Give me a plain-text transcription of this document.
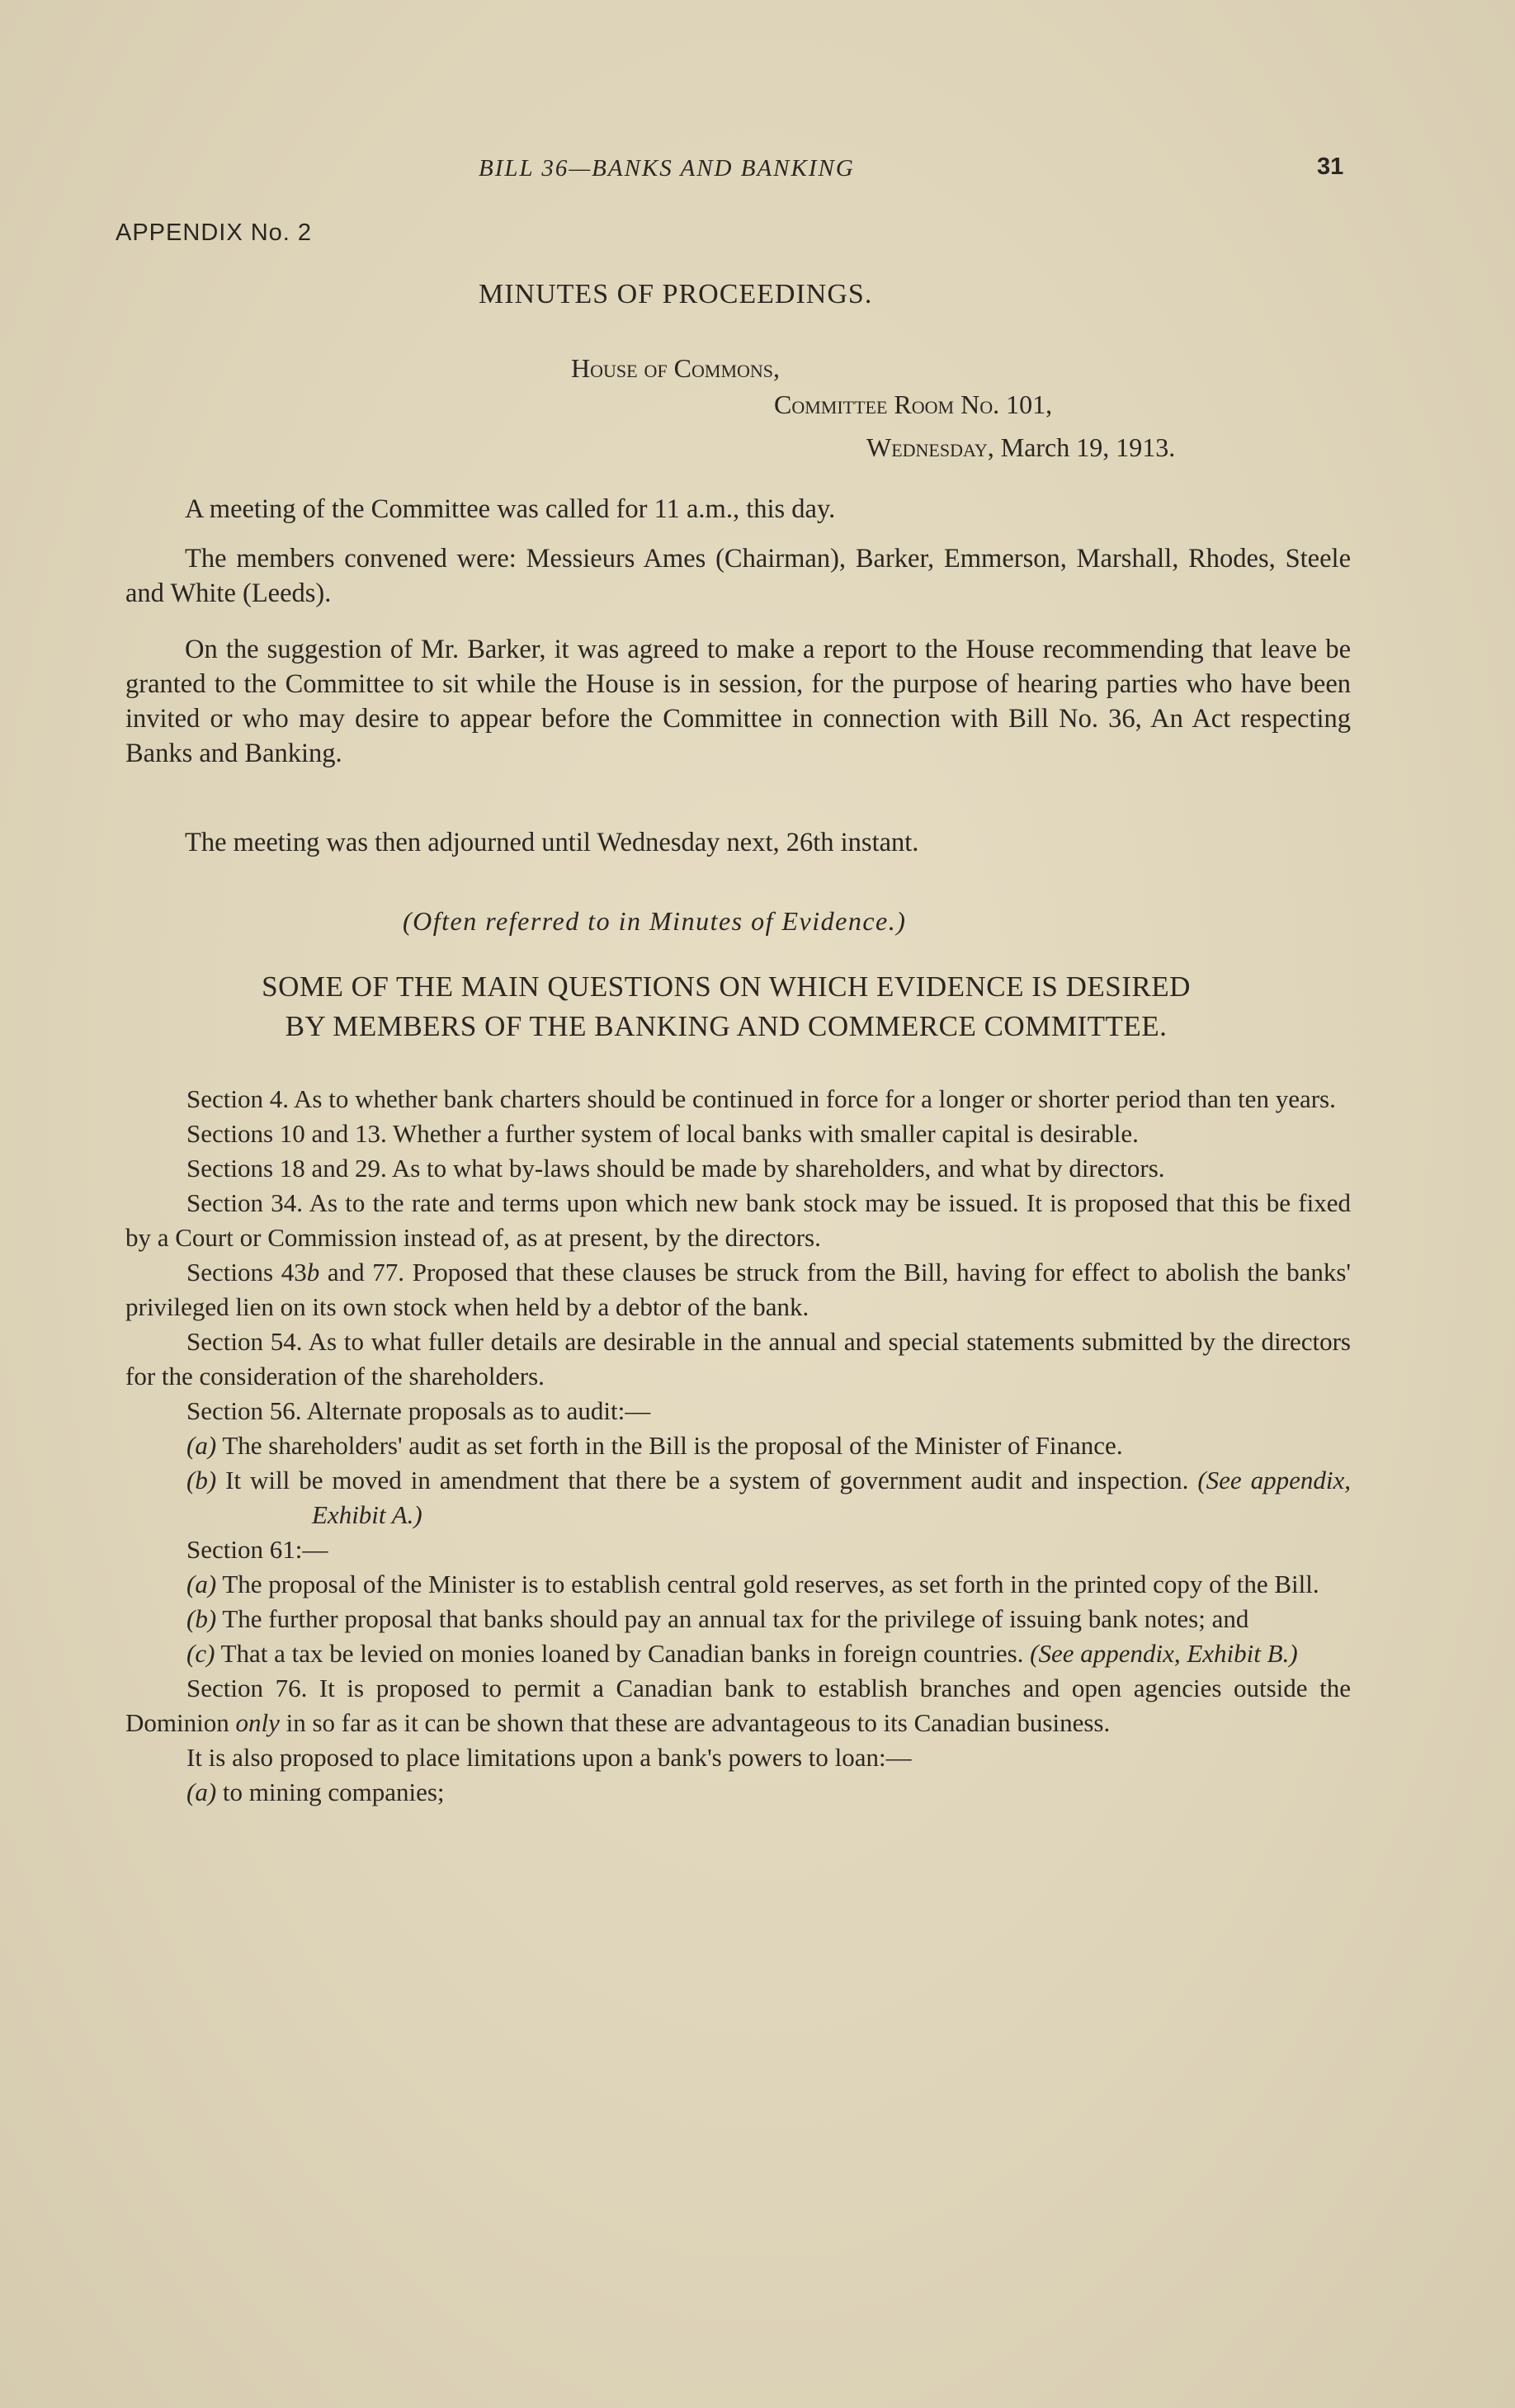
BILL 36—BANKS AND BANKING	31
APPENDIX No. 2
MINUTES OF PROCEEDINGS.
House of Commons,
Committee Room No. 101,
Wednesday, March 19, 1913.
A meeting of the Committee was called for 11 a.m., this day.
The members convened were: Messieurs Ames (Chairman), Barker, Emmerson, Marshall, Rhodes, Steele and White (Leeds).
On the suggestion of Mr. Barker, it was agreed to make a report to the House recommending that leave be granted to the Committee to sit while the House is in session, for the purpose of hearing parties who have been invited or who may desire to appear before the Committee in connection with Bill No. 36, An Act respecting Banks and Banking.
The meeting was then adjourned until Wednesday next, 26th instant.
(Often referred to in Minutes of Evidence.)
SOME OF THE MAIN QUESTIONS ON WHICH EVIDENCE IS DESIRED
BY MEMBERS OF THE BANKING AND COMMERCE COMMITTEE.

Section 4. As to whether bank charters should be continued in force for a longer or shorter period than ten years.

Sections 10 and 13. Whether a further system of local banks with smaller capital is desirable.

Sections 18 and 29. As to what by-laws should be made by shareholders, and what by directors.

Section 34. As to the rate and terms upon which new bank stock may be issued. It is proposed that this be fixed by a Court or Commission instead of, as at present, by the directors.

Sections 43b and 77. Proposed that these clauses be struck from the Bill, having for effect to abolish the banks' privileged lien on its own stock when held by a debtor of the bank.

Section 54. As to what fuller details are desirable in the annual and special statements submitted by the directors for the consideration of the shareholders.

Section 56. Alternate proposals as to audit:—

(a) The shareholders' audit as set forth in the Bill is the proposal of the Minister of Finance.

(b) It will be moved in amendment that there be a system of government audit and inspection. (See appendix, Exhibit A.)

Section 61:—

(a) The proposal of the Minister is to establish central gold reserves, as set forth in the printed copy of the Bill.

(b) The further proposal that banks should pay an annual tax for the privilege of issuing bank notes; and

(c) That a tax be levied on monies loaned by Canadian banks in foreign countries. (See appendix, Exhibit B.)

Section 76. It is proposed to permit a Canadian bank to establish branches and open agencies outside the Dominion only in so far as it can be shown that these are advantageous to its Canadian business.

It is also proposed to place limitations upon a bank's powers to loan:—

(a) to mining companies;
